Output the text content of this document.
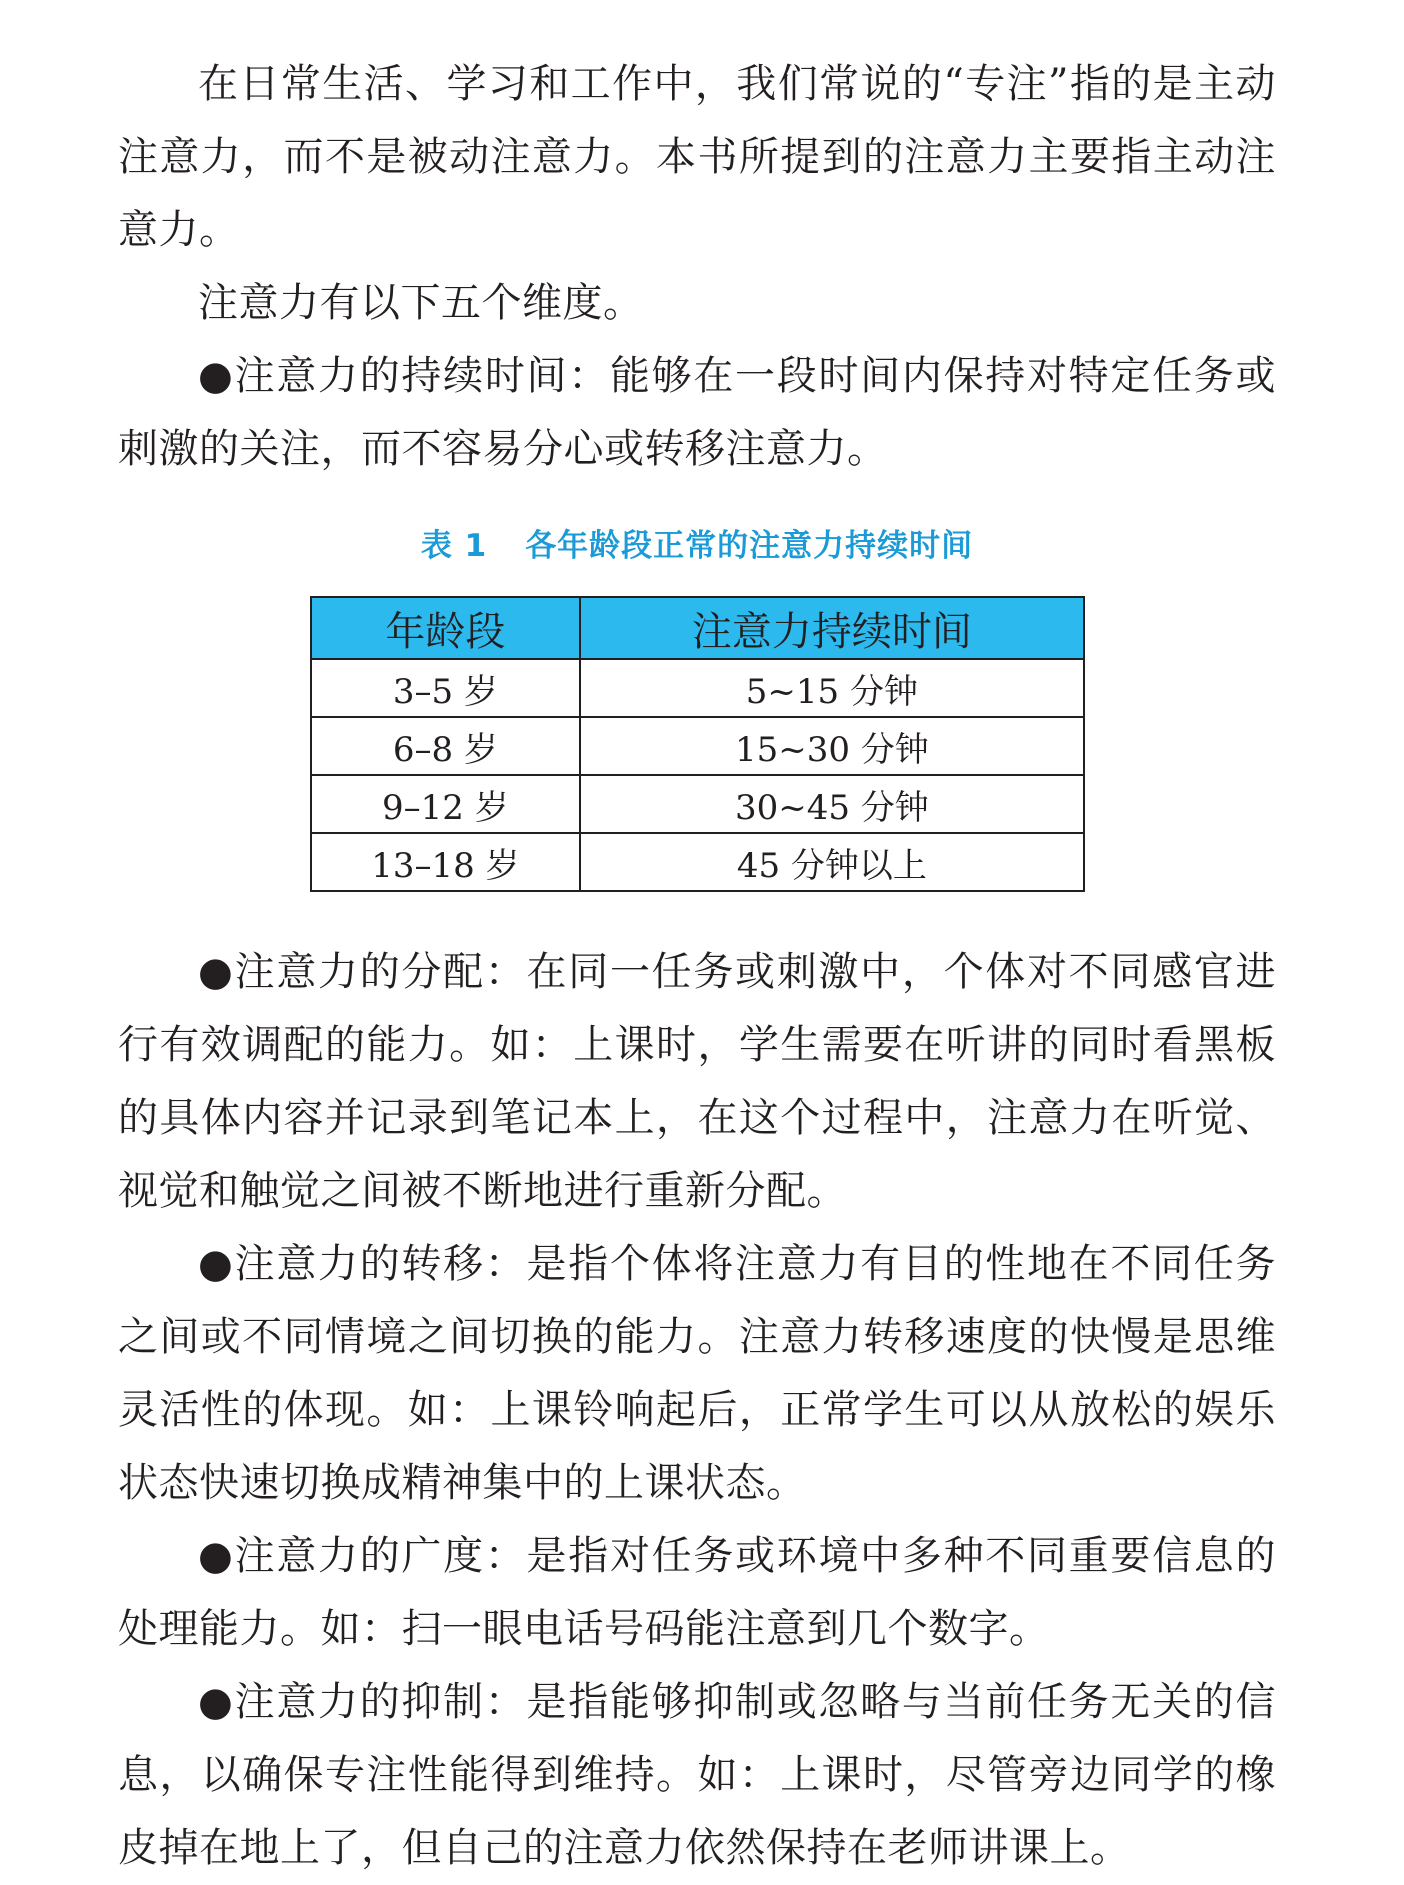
在日常生活、学习和工作中，我们常说的“专注”指的是主动注意力，而不是被动注意力。本书所提到的注意力主要指主动注意力。

注意力有以下五个维度。

●注意力的持续时间：能够在一段时间内保持对特定任务或刺激的关注，而不容易分心或转移注意力。

表 1 各年龄段正常的注意力持续时间
年龄段	注意力持续时间
3–5 岁	5~15 分钟
6–8 岁	15~30 分钟
9–12 岁	30~45 分钟
13–18 岁	45 分钟以上

●注意力的分配：在同一任务或刺激中，个体对不同感官进行有效调配的能力。如：上课时，学生需要在听讲的同时看黑板的具体内容并记录到笔记本上，在这个过程中，注意力在听觉、视觉和触觉之间被不断地进行重新分配。

●注意力的转移：是指个体将注意力有目的性地在不同任务之间或不同情境之间切换的能力。注意力转移速度的快慢是思维灵活性的体现。如：上课铃响起后，正常学生可以从放松的娱乐状态快速切换成精神集中的上课状态。

●注意力的广度：是指对任务或环境中多种不同重要信息的处理能力。如：扫一眼电话号码能注意到几个数字。

●注意力的抑制：是指能够抑制或忽略与当前任务无关的信息，以确保专注性能得到维持。如：上课时，尽管旁边同学的橡皮掉在地上了，但自己的注意力依然保持在老师讲课上。
